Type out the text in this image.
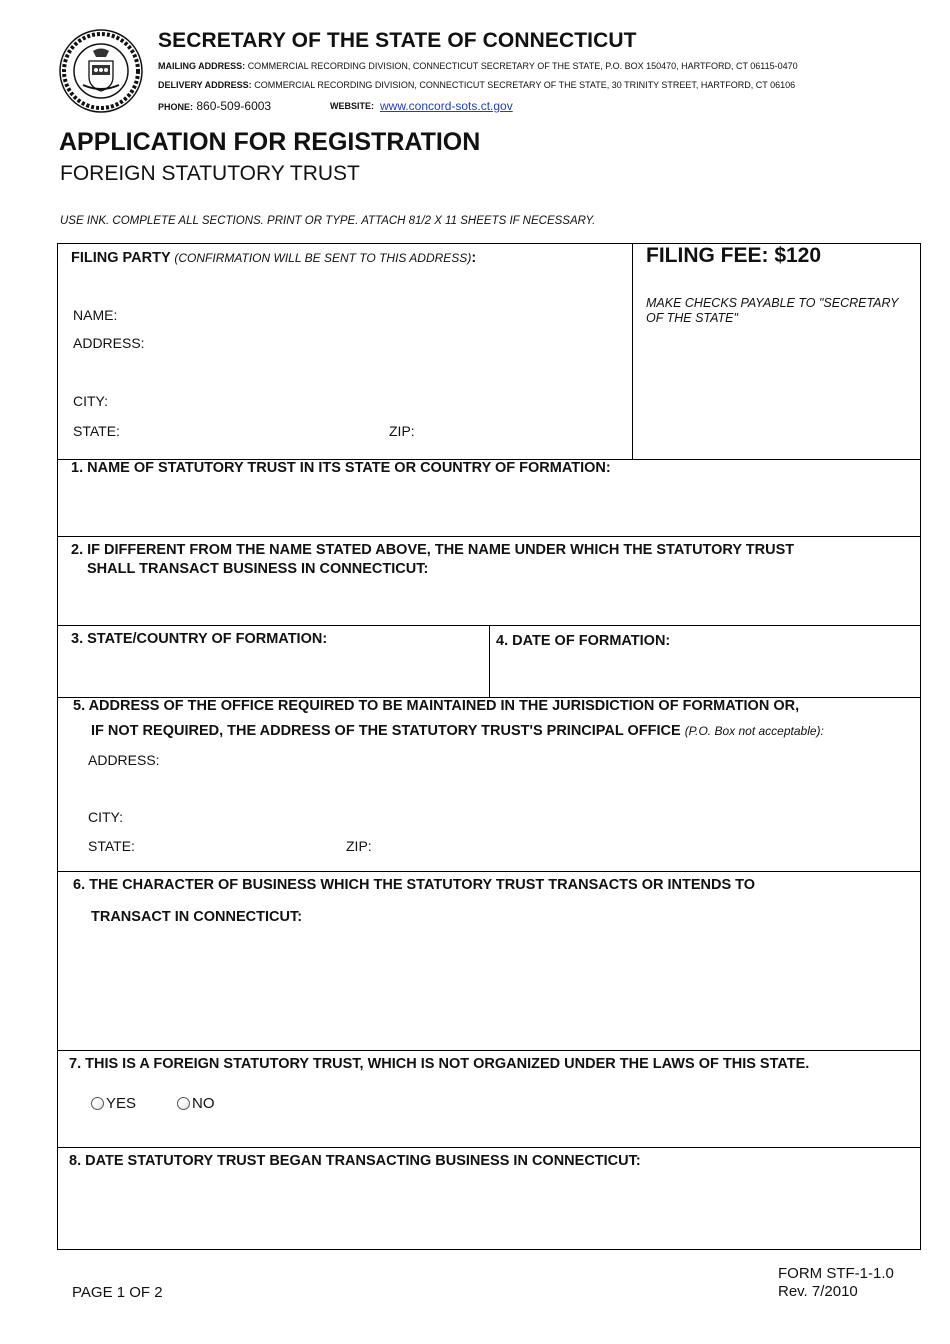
SECRETARY OF THE STATE OF CONNECTICUT
MAILING ADDRESS: COMMERCIAL RECORDING DIVISION, CONNECTICUT SECRETARY OF THE STATE, P.O. BOX 150470, HARTFORD, CT 06115-0470
DELIVERY ADDRESS: COMMERCIAL RECORDING DIVISION, CONNECTICUT SECRETARY OF THE STATE, 30 TRINITY STREET, HARTFORD, CT 06106
PHONE: 860-509-6003	WEBSITE: www.concord-sots.ct.gov
APPLICATION FOR REGISTRATION
FOREIGN STATUTORY TRUST
USE INK. COMPLETE ALL SECTIONS. PRINT OR TYPE. ATTACH 81/2 X 11 SHEETS IF NECESSARY.
FILING PARTY (CONFIRMATION WILL BE SENT TO THIS ADDRESS):
NAME:
ADDRESS:
CITY:
STATE:	ZIP:
FILING FEE: $120
MAKE CHECKS PAYABLE TO "SECRETARY OF THE STATE"
1. NAME OF STATUTORY TRUST IN ITS STATE OR COUNTRY OF FORMATION:
2. IF DIFFERENT FROM THE NAME STATED ABOVE, THE NAME UNDER WHICH THE STATUTORY TRUST
SHALL TRANSACT BUSINESS IN CONNECTICUT:
3. STATE/COUNTRY OF FORMATION:	4. DATE OF FORMATION:
5. ADDRESS OF THE OFFICE REQUIRED TO BE MAINTAINED IN THE JURISDICTION OF FORMATION OR,
IF NOT REQUIRED, THE ADDRESS OF THE STATUTORY TRUST'S PRINCIPAL OFFICE (P.O. Box not acceptable):
ADDRESS:
CITY:
STATE:	ZIP:
6. THE CHARACTER OF BUSINESS WHICH THE STATUTORY TRUST TRANSACTS OR INTENDS TO
TRANSACT IN CONNECTICUT:
7. THIS IS A FOREIGN STATUTORY TRUST, WHICH IS NOT ORGANIZED UNDER THE LAWS OF THIS STATE.
YES	NO
8. DATE STATUTORY TRUST BEGAN TRANSACTING BUSINESS IN CONNECTICUT:
PAGE 1 OF 2
FORM STF-1-1.0
Rev. 7/2010
